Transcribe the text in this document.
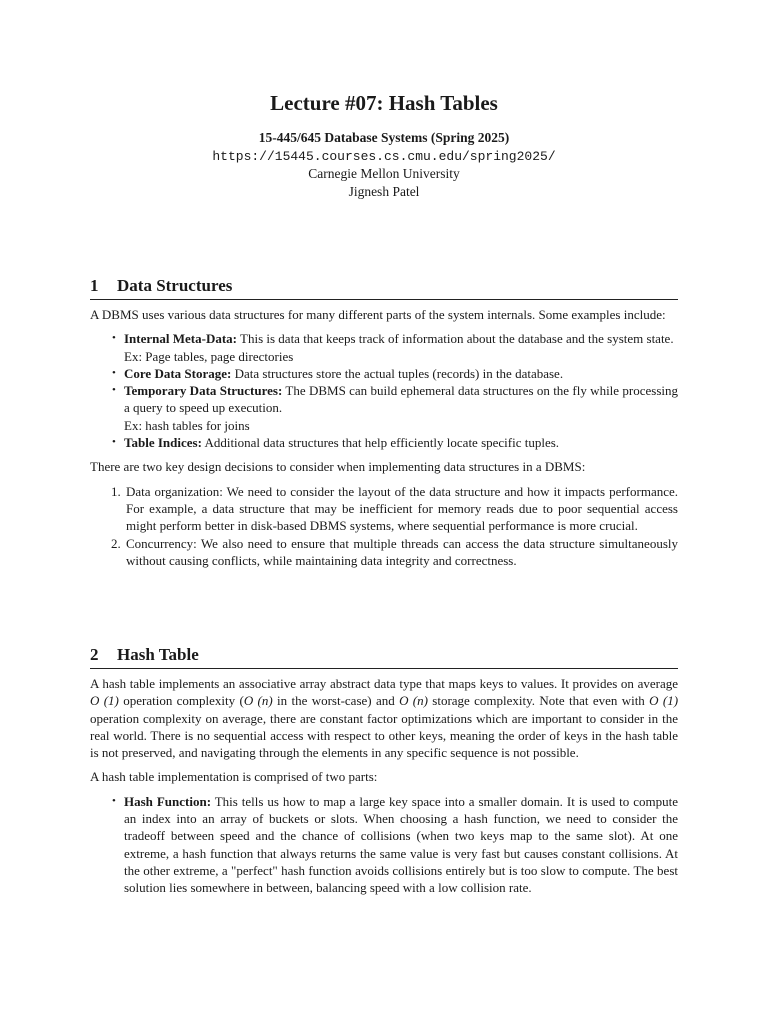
Lecture #07: Hash Tables
15-445/645 Database Systems (Spring 2025)
https://15445.courses.cs.cmu.edu/spring2025/
Carnegie Mellon University
Jignesh Patel
1 Data Structures

A DBMS uses various data structures for many different parts of the system internals. Some examples include:

• Internal Meta-Data: This is data that keeps track of information about the database and the system state.
Ex: Page tables, page directories
• Core Data Storage: Data structures store the actual tuples (records) in the database.
• Temporary Data Structures: The DBMS can build ephemeral data structures on the fly while processing a query to speed up execution.
Ex: hash tables for joins
• Table Indices: Additional data structures that help efficiently locate specific tuples.

There are two key design decisions to consider when implementing data structures in a DBMS:

1. Data organization: We need to consider the layout of the data structure and how it impacts performance. For example, a data structure that may be inefficient for memory reads due to poor sequential access might perform better in disk-based DBMS systems, where sequential performance is more crucial.
2. Concurrency: We also need to ensure that multiple threads can access the data structure simultaneously without causing conflicts, while maintaining data integrity and correctness.
2 Hash Table

A hash table implements an associative array abstract data type that maps keys to values. It provides on average O (1) operation complexity (O (n) in the worst-case) and O (n) storage complexity. Note that even with O (1) operation complexity on average, there are constant factor optimizations which are important to consider in the real world. There is no sequential access with respect to other keys, meaning the order of keys in the hash table is not preserved, and navigating through the elements in any specific sequence is not possible.

A hash table implementation is comprised of two parts:

• Hash Function: This tells us how to map a large key space into a smaller domain. It is used to compute an index into an array of buckets or slots. When choosing a hash function, we need to consider the tradeoff between speed and the chance of collisions (when two keys map to the same slot). At one extreme, a hash function that always returns the same value is very fast but causes constant collisions. At the other extreme, a "perfect" hash function avoids collisions entirely but is too slow to compute. The best solution lies somewhere in between, balancing speed with a low collision rate.
